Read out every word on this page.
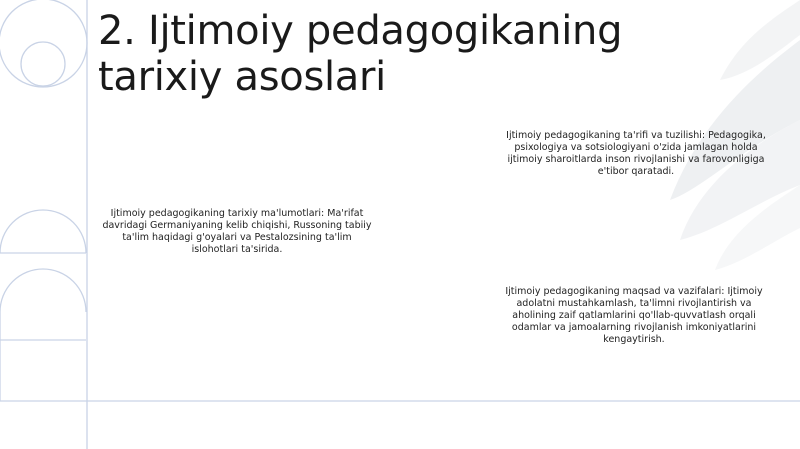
2. Ijtimoiy pedagogikaning tarixiy asoslari

Ijtimoiy pedagogikaning ta'rifi va tuzilishi: Pedagogika, psixologiya va sotsiologiyani o'zida jamlagan holda ijtimoiy sharoitlarda inson rivojlanishi va farovonligiga e'tibor qaratadi.

Ijtimoiy pedagogikaning tarixiy ma'lumotlari: Ma'rifat davridagi Germaniyaning kelib chiqishi, Russoning tabiiy ta'lim haqidagi g'oyalari va Pestalozsining ta'lim islohotlari ta'sirida.

Ijtimoiy pedagogikaning maqsad va vazifalari: Ijtimoiy adolatni mustahkamlash, ta'limni rivojlantirish va aholining zaif qatlamlarini qo'llab-quvvatlash orqali odamlar va jamoalarning rivojlanish imkoniyatlarini kengaytirish.
